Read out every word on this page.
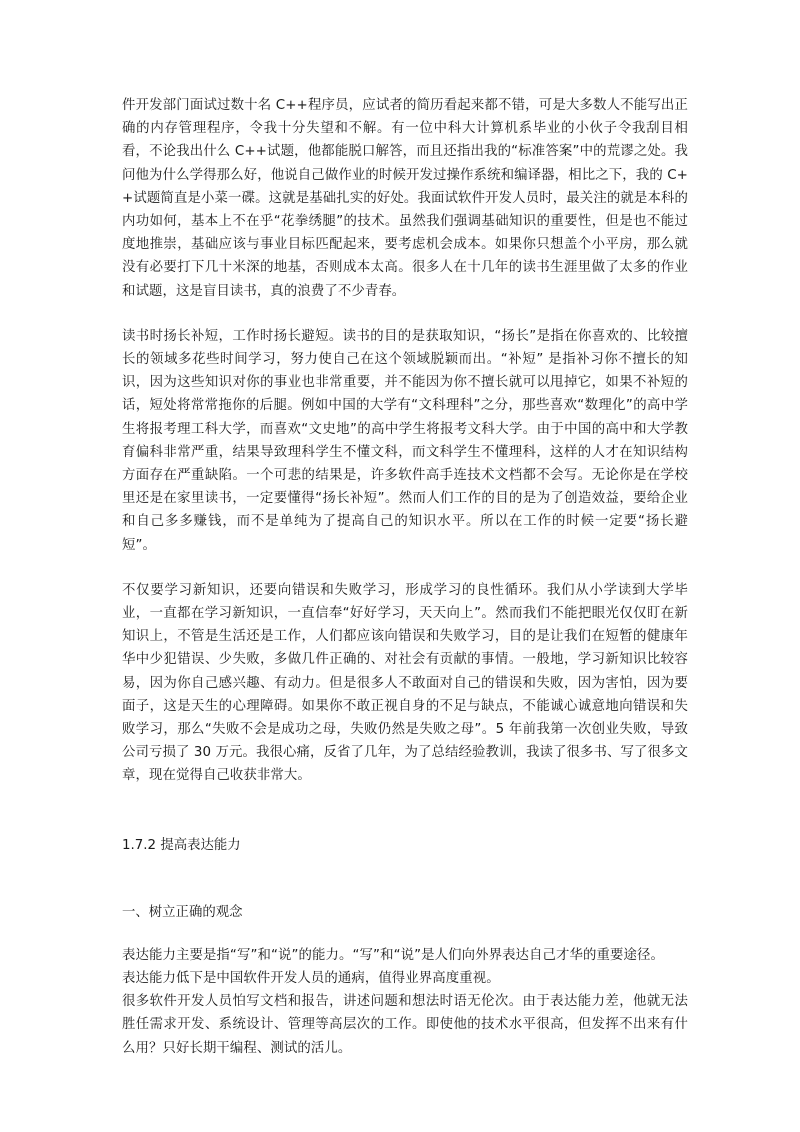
件开发部门面试过数十名 C++程序员，应试者的简历看起来都不错，可是大多数人不能写出正确的内存管理程序，令我十分失望和不解。有一位中科大计算机系毕业的小伙子令我刮目相看，不论我出什么 C++试题，他都能脱口解答，而且还指出我的“标准答案”中的荒谬之处。我问他为什么学得那么好，他说自己做作业的时候开发过操作系统和编译器，相比之下，我的 C++试题简直是小菜一碟。这就是基础扎实的好处。我面试软件开发人员时，最关注的就是本科的内功如何，基本上不在乎“花拳绣腿”的技术。虽然我们强调基础知识的重要性，但是也不能过度地推崇，基础应该与事业目标匹配起来，要考虑机会成本。如果你只想盖个小平房，那么就没有必要打下几十米深的地基，否则成本太高。很多人在十几年的读书生涯里做了太多的作业和试题，这是盲目读书，真的浪费了不少青春。

读书时扬长补短，工作时扬长避短。读书的目的是获取知识，“扬长”是指在你喜欢的、比较擅长的领域多花些时间学习，努力使自己在这个领域脱颖而出。“补短” 是指补习你不擅长的知识，因为这些知识对你的事业也非常重要，并不能因为你不擅长就可以甩掉它，如果不补短的话，短处将常常拖你的后腿。例如中国的大学有“文科理科”之分，那些喜欢“数理化”的高中学生将报考理工科大学，而喜欢“文史地”的高中学生将报考文科大学。由于中国的高中和大学教育偏科非常严重，结果导致理科学生不懂文科，而文科学生不懂理科，这样的人才在知识结构方面存在严重缺陷。一个可悲的结果是，许多软件高手连技术文档都不会写。无论你是在学校里还是在家里读书，一定要懂得“扬长补短”。然而人们工作的目的是为了创造效益，要给企业和自己多多赚钱，而不是单纯为了提高自己的知识水平。所以在工作的时候一定要“扬长避短”。

不仅要学习新知识，还要向错误和失败学习，形成学习的良性循环。我们从小学读到大学毕业，一直都在学习新知识，一直信奉“好好学习，天天向上”。然而我们不能把眼光仅仅盯在新知识上，不管是生活还是工作，人们都应该向错误和失败学习，目的是让我们在短暂的健康年华中少犯错误、少失败，多做几件正确的、对社会有贡献的事情。一般地，学习新知识比较容易，因为你自己感兴趣、有动力。但是很多人不敢面对自己的错误和失败，因为害怕，因为要面子，这是天生的心理障碍。如果你不敢正视自身的不足与缺点，不能诚心诚意地向错误和失败学习，那么“失败不会是成功之母，失败仍然是失败之母”。5 年前我第一次创业失败，导致公司亏损了 30 万元。我很心痛，反省了几年，为了总结经验教训，我读了很多书、写了很多文章，现在觉得自己收获非常大。

1.7.2 提高表达能力

一、树立正确的观念

表达能力主要是指“写”和“说”的能力。“写”和“说”是人们向外界表达自己才华的重要途径。

表达能力低下是中国软件开发人员的通病，值得业界高度重视。

很多软件开发人员怕写文档和报告，讲述问题和想法时语无伦次。由于表达能力差，他就无法胜任需求开发、系统设计、管理等高层次的工作。即使他的技术水平很高，但发挥不出来有什么用？只好长期干编程、测试的活儿。
